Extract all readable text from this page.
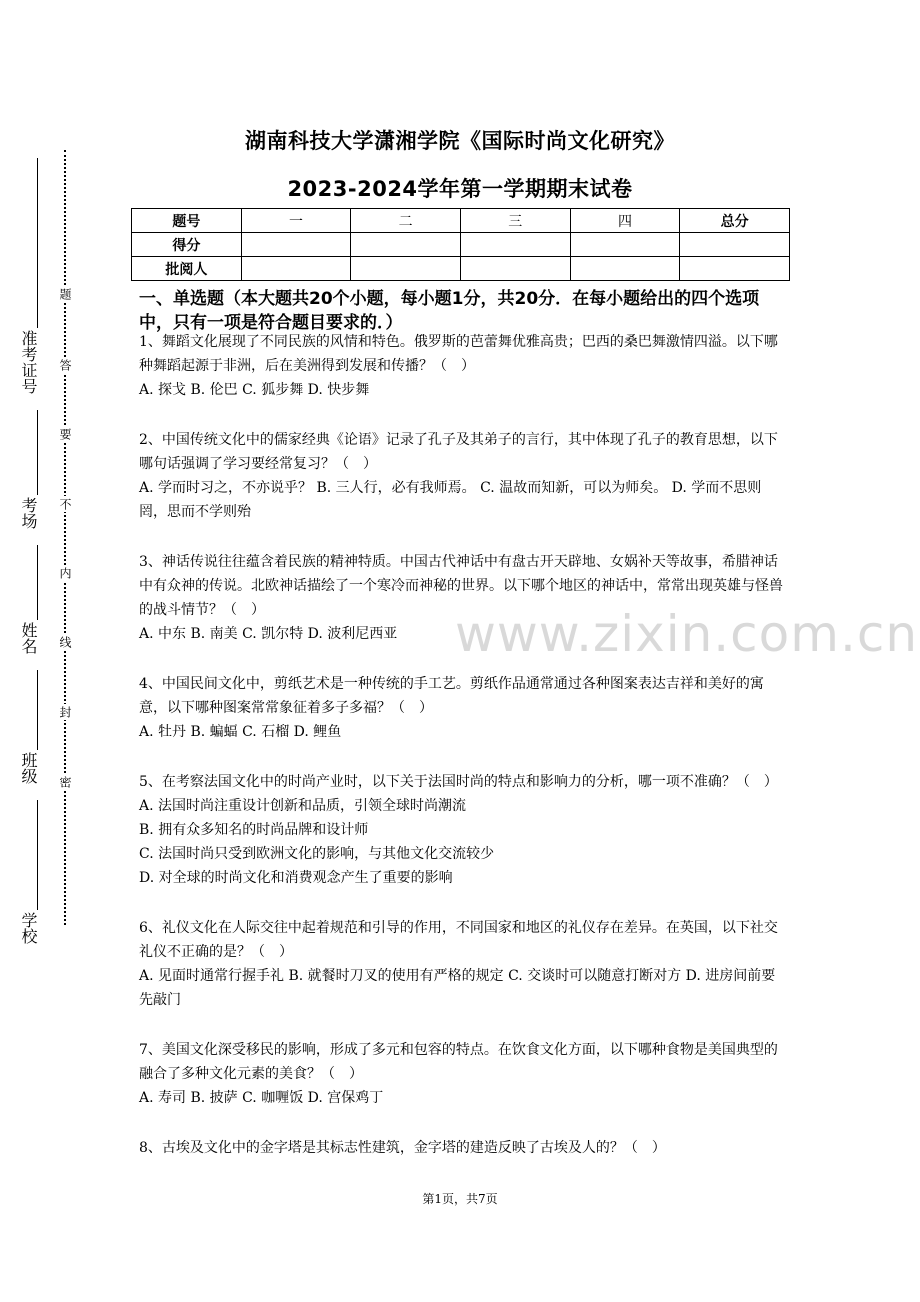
题
答
要
不
内
线
封
密
准考证号
考场
姓名
班级
学校
www.zixin.com.cn
湖南科技大学潇湘学院《国际时尚文化研究》
2023-2024学年第一学期期末试卷
题号	一	二	三	四	总分
得分					
批阅人					
一、单选题（本大题共20个小题，每小题1分，共20分．在每小题给出的四个选项中，只有一项是符合题目要求的．）

1、舞蹈文化展现了不同民族的风情和特色。俄罗斯的芭蕾舞优雅高贵；巴西的桑巴舞激情四溢。以下哪种舞蹈起源于非洲，后在美洲得到发展和传播？（　）

A. 探戈 B. 伦巴 C. 狐步舞 D. 快步舞

2、中国传统文化中的儒家经典《论语》记录了孔子及其弟子的言行，其中体现了孔子的教育思想，以下哪句话强调了学习要经常复习？（　）

A. 学而时习之，不亦说乎？ B. 三人行，必有我师焉。 C. 温故而知新，可以为师矣。 D. 学而不思则罔，思而不学则殆

3、神话传说往往蕴含着民族的精神特质。中国古代神话中有盘古开天辟地、女娲补天等故事，希腊神话中有众神的传说。北欧神话描绘了一个寒冷而神秘的世界。以下哪个地区的神话中，常常出现英雄与怪兽的战斗情节？（　）

A. 中东 B. 南美 C. 凯尔特 D. 波利尼西亚

4、中国民间文化中，剪纸艺术是一种传统的手工艺。剪纸作品通常通过各种图案表达吉祥和美好的寓意，以下哪种图案常常象征着多子多福？（　）

A. 牡丹 B. 蝙蝠 C. 石榴 D. 鲤鱼

5、在考察法国文化中的时尚产业时，以下关于法国时尚的特点和影响力的分析，哪一项不准确？（　）

A. 法国时尚注重设计创新和品质，引领全球时尚潮流
B. 拥有众多知名的时尚品牌和设计师
C. 法国时尚只受到欧洲文化的影响，与其他文化交流较少
D. 对全球的时尚文化和消费观念产生了重要的影响

6、礼仪文化在人际交往中起着规范和引导的作用，不同国家和地区的礼仪存在差异。在英国，以下社交礼仪不正确的是？（　）

A. 见面时通常行握手礼 B. 就餐时刀叉的使用有严格的规定 C. 交谈时可以随意打断对方 D. 进房间前要先敲门

7、美国文化深受移民的影响，形成了多元和包容的特点。在饮食文化方面，以下哪种食物是美国典型的融合了多种文化元素的美食？（　）

A. 寿司 B. 披萨 C. 咖喱饭 D. 宫保鸡丁

8、古埃及文化中的金字塔是其标志性建筑，金字塔的建造反映了古埃及人的？（　）

第1页，共7页
